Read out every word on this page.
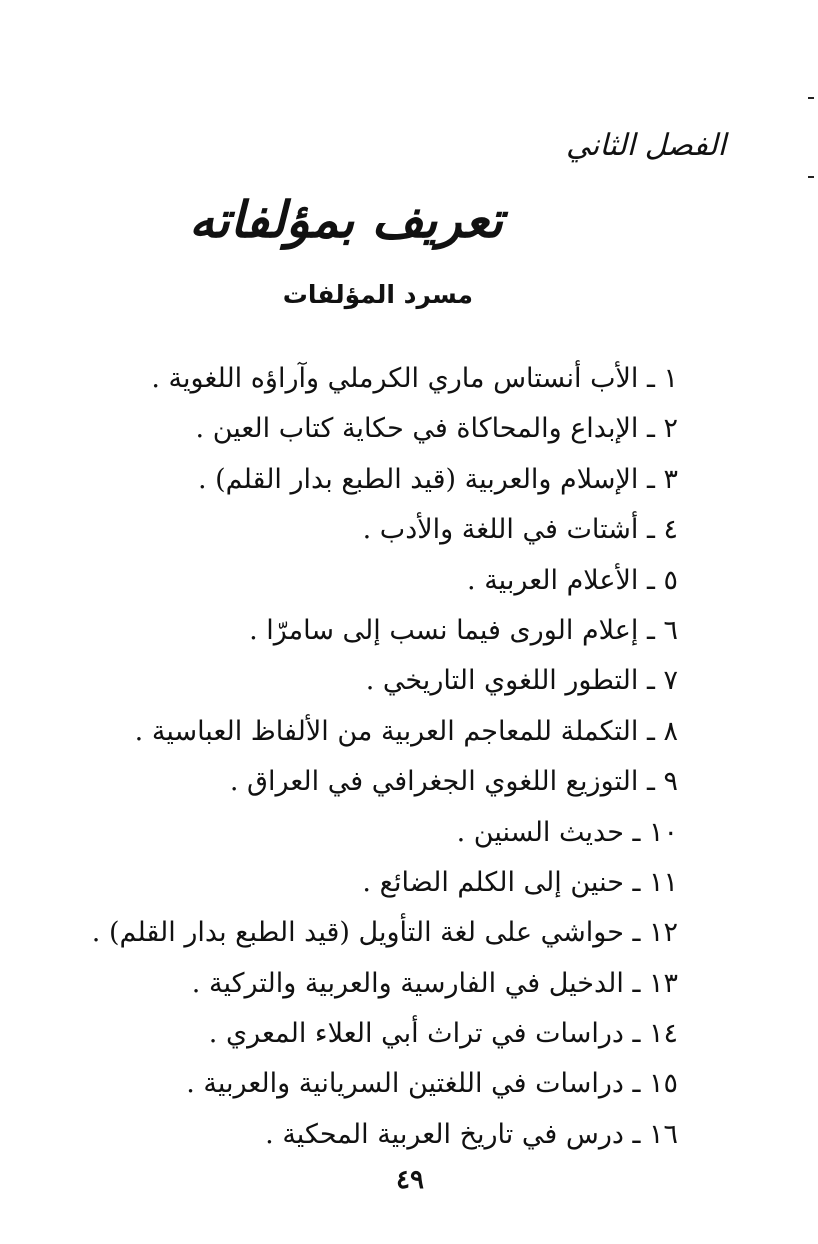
الفصل الثاني
تعريف بمؤلفاته
مسرد المؤلفات
١ ـ الأب أنستاس ماري الكرملي وآراؤه اللغوية .
٢ ـ الإبداع والمحاكاة في حكاية كتاب العين .
٣ ـ الإسلام والعربية (قيد الطبع بدار القلم) .
٤ ـ أشتات في اللغة والأدب .
٥ ـ الأعلام العربية .
٦ ـ إعلام الورى فيما نسب إلى سامرّا .
٧ ـ التطور اللغوي التاريخي .
٨ ـ التكملة للمعاجم العربية من الألفاظ العباسية .
٩ ـ التوزيع اللغوي الجغرافي في العراق .
١٠ ـ حديث السنين .
١١ ـ حنين إلى الكلم الضائع .
١٢ ـ حواشي على لغة التأويل (قيد الطبع بدار القلم) .
١٣ ـ الدخيل في الفارسية والعربية والتركية .
١٤ ـ دراسات في تراث أبي العلاء المعري .
١٥ ـ دراسات في اللغتين السريانية والعربية .
١٦ ـ درس في تاريخ العربية المحكية .
٤٩
